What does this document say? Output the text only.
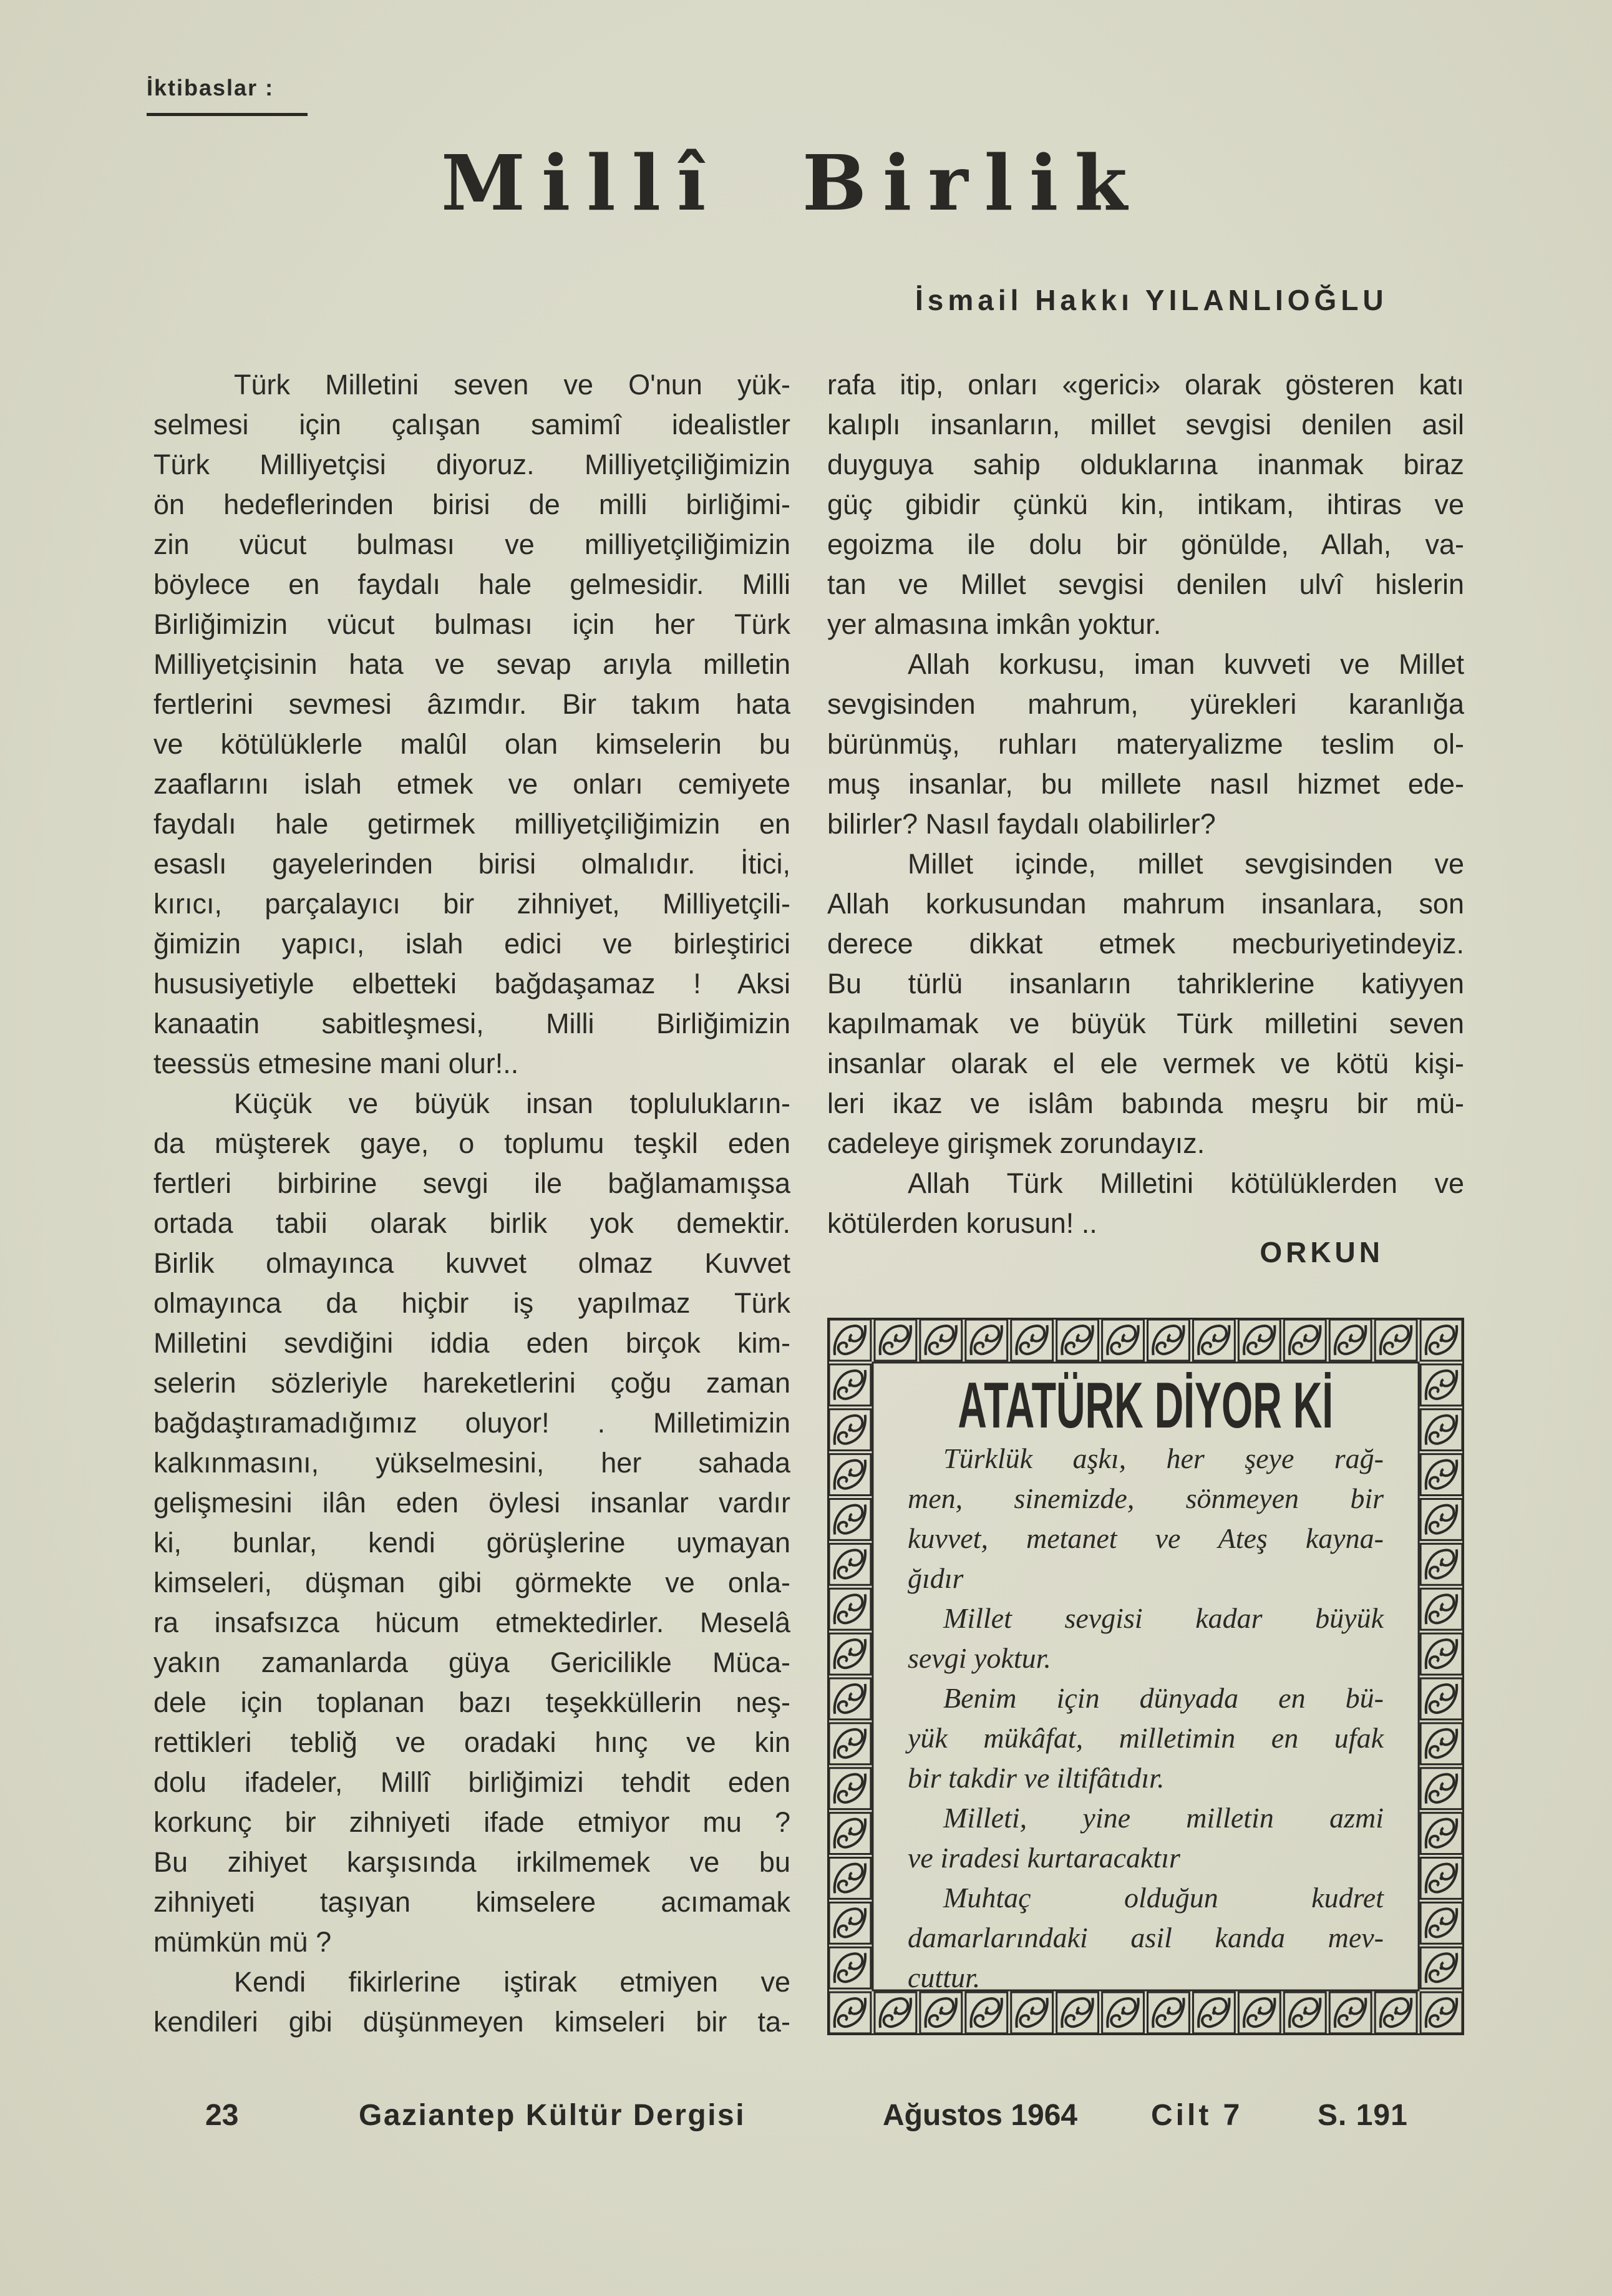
İktibaslar :
Millî Birlik
İsmail Hakkı YILANLIOĞLU
Türk Milletini seven ve O'nun yük-
selmesi için çalışan samimî idealistler
Türk Milliyetçisi diyoruz. Milliyetçiliğimizin
ön hedeflerinden birisi de milli birliğimi-
zin vücut bulması ve milliyetçiliğimizin
böylece en faydalı hale gelmesidir. Milli
Birliğimizin vücut bulması için her Türk
Milliyetçisinin hata ve sevap arıyla milletin
fertlerini sevmesi âzımdır. Bir takım hata
ve kötülüklerle malûl olan kimselerin bu
zaaflarını islah etmek ve onları cemiyete
faydalı hale getirmek milliyetçiliğimizin en
esaslı gayelerinden birisi olmalıdır. İtici,
kırıcı, parçalayıcı bir zihniyet, Milliyetçili-
ğimizin yapıcı, islah edici ve birleştirici
hususiyetiyle elbetteki bağdaşamaz ! Aksi
kanaatin sabitleşmesi, Milli Birliğimizin
teessüs etmesine mani olur!..
Küçük ve büyük insan toplulukların-
da müşterek gaye, o toplumu teşkil eden
fertleri birbirine sevgi ile bağlamamışsa
ortada tabii olarak birlik yok demektir.
Birlik olmayınca kuvvet olmaz Kuvvet
olmayınca da hiçbir iş yapılmaz Türk
Milletini sevdiğini iddia eden birçok kim-
selerin sözleriyle hareketlerini çoğu zaman
bağdaştıramadığımız oluyor! . Milletimizin
kalkınmasını, yükselmesini, her sahada
gelişmesini ilân eden öylesi insanlar vardır
ki, bunlar, kendi görüşlerine uymayan
kimseleri, düşman gibi görmekte ve onla-
ra insafsızca hücum etmektedirler. Meselâ
yakın zamanlarda güya Gericilikle Müca-
dele için toplanan bazı teşekküllerin neş-
rettikleri tebliğ ve oradaki hınç ve kin
dolu ifadeler, Millî birliğimizi tehdit eden
korkunç bir zihniyeti ifade etmiyor mu ?
Bu zihiyet karşısında irkilmemek ve bu
zihniyeti taşıyan kimselere acımamak
mümkün mü ?
Kendi fikirlerine iştirak etmiyen ve
kendileri gibi düşünmeyen kimseleri bir ta-
rafa itip, onları «gerici» olarak gösteren katı
kalıplı insanların, millet sevgisi denilen asil
duyguya sahip olduklarına inanmak biraz
güç gibidir çünkü kin, intikam, ihtiras ve
egoizma ile dolu bir gönülde, Allah, va-
tan ve Millet sevgisi denilen ulvî hislerin
yer almasına imkân yoktur.
Allah korkusu, iman kuvveti ve Millet
sevgisinden mahrum, yürekleri karanlığa
bürünmüş, ruhları materyalizme teslim ol-
muş insanlar, bu millete nasıl hizmet ede-
bilirler? Nasıl faydalı olabilirler?
Millet içinde, millet sevgisinden ve
Allah korkusundan mahrum insanlara, son
derece dikkat etmek mecburiyetindeyiz.
Bu türlü insanların tahriklerine katiyyen
kapılmamak ve büyük Türk milletini seven
insanlar olarak el ele vermek ve kötü kişi-
leri ikaz ve islâm babında meşru bir mü-
cadeleye girişmek zorundayız.
Allah Türk Milletini kötülüklerden ve
kötülerden korusun! ..
ORKUN
ATATÜRK DİYOR Kİ
Türklük aşkı, her şeye rağ-
men, sinemizde, sönmeyen bir
kuvvet, metanet ve Ateş kayna-
ğıdır
Millet sevgisi kadar büyük
sevgi yoktur.
Benim için dünyada en bü-
yük mükâfat, milletimin en ufak
bir takdir ve iltifâtıdır.
Milleti, yine milletin azmi
ve iradesi kurtaracaktır
Muhtaç olduğun kudret
damarlarındaki asil kanda mev-
cuttur.
23	Gaziantep Kültür Dergisi	Ağustos 1964 Cilt 7 S. 191
